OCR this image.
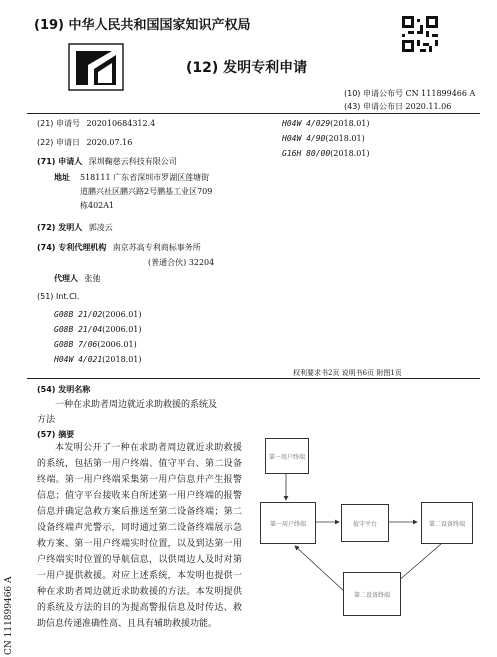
(19) 中华人民共和国国家知识产权局
(12) 发明专利申请
(10) 申请公布号 CN 111899466 A
(43) 申请公布日 2020.11.06
(21) 申请号 202010684312.4
(22) 申请日 2020.07.16
(71) 申请人 深圳鞠慈云科技有限公司
地址 518111 广东省深圳市罗湖区莲塘街
道鹏兴社区鹏兴路2号鹏基工业区709
栋402A1
(72) 发明人 郭凌云
(74) 专利代理机构 南京苏高专利商标事务所
(普通合伙) 32204
代理人 张弛
(51) Int.Cl.
G08B 21/02(2006.01)
G08B 21/04(2006.01)
G08B 7/06(2006.01)
H04W 4/021(2018.01)
H04W 4/029(2018.01)
H04W 4/90(2018.01)
G16H 80/00(2018.01)
权利要求书2页 说明书6页 附图1页
(54) 发明名称
一种在求助者周边就近求助救援的系统及
方法
(57) 摘要
本发明公开了一种在求助者周边就近求助救援的系统，包括第一用户终端、值守平台、第二设备终端。第一用户终端采集第一用户信息并产生报警信息；值守平台接收来自所述第一用户终端的报警信息并确定急救方案后推送至第二设备终端；第二设备终端声光警示，同时通过第二设备终端展示急救方案、第一用户终端实时位置，以及到达第一用户终端实时位置的导航信息，以供周边人及时对第一用户提供救援。对应上述系统，本发明也提供一种在求助者周边就近求助救援的方法。本发明提供的系统及方法的目的为提高警报信息及时传达、救助信息传递准确性高、且具有辅助救援功能。
第一用户终端
第一用户终端	值守平台	第二设备终端
第二设备终端
CN 111899466 A
